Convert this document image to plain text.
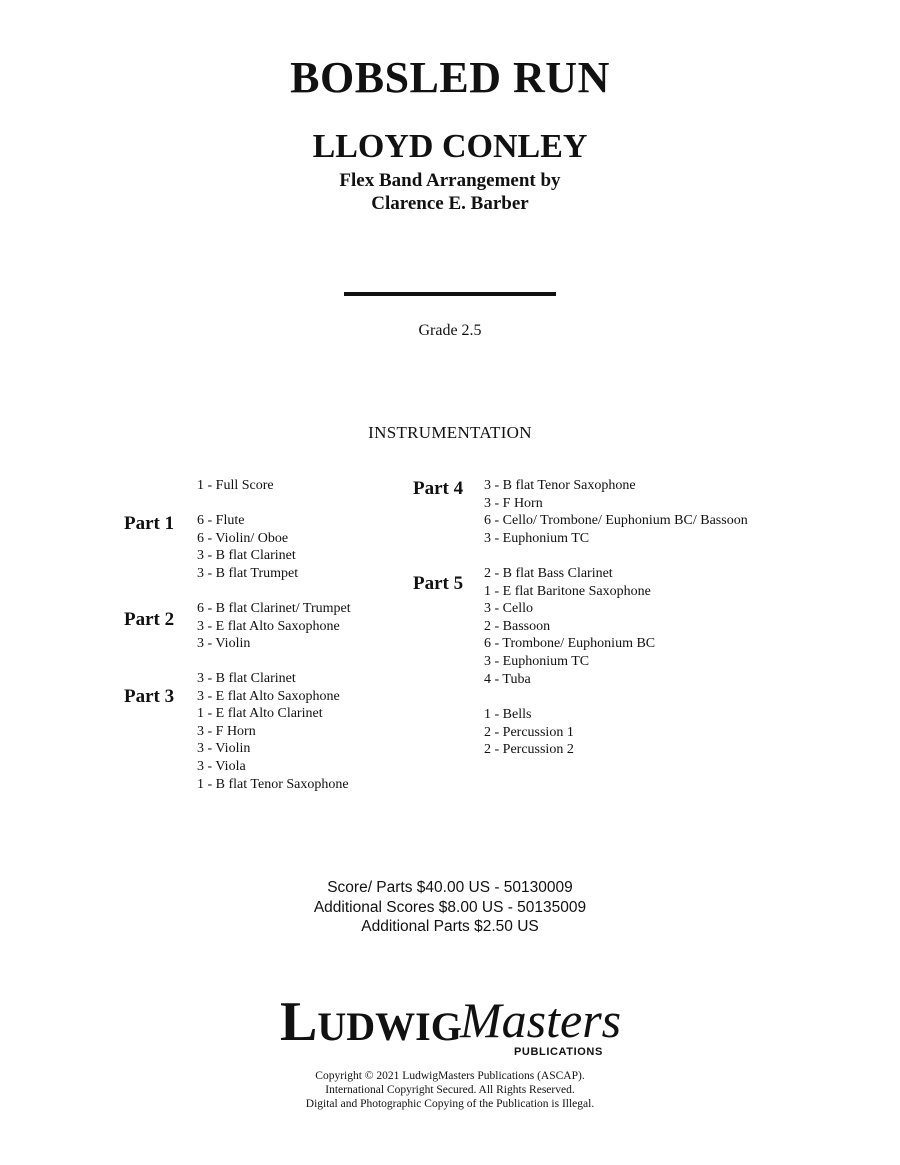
BOBSLED RUN
LLOYD CONLEY
Flex Band Arrangement by
Clarence E. Barber
Grade 2.5
INSTRUMENTATION
1 - Full Score
Part 1 6 - Flute
6 - Violin/ Oboe
3 - B flat Clarinet
3 - B flat Trumpet
Part 2
6 - B flat Clarinet/ Trumpet
3 - E flat Alto Saxophone
3 - Violin
Part 3
3 - B flat Clarinet
3 - E flat Alto Saxophone
1 - E flat Alto Clarinet
3 - F Horn
3 - Violin
3 - Viola
1 - B flat Tenor Saxophone
Part 4 3 - B flat Tenor Saxophone
3 - F Horn
6 - Cello/ Trombone/ Euphonium BC/ Bassoon
3 - Euphonium TC
Part 5 2 - B flat Bass Clarinet
1 - E flat Baritone Saxophone
3 - Cello
2 - Bassoon
6 - Trombone/ Euphonium BC
3 - Euphonium TC
4 - Tuba
1 - Bells
2 - Percussion 1
2 - Percussion 2
Score/ Parts $40.00 US - 50130009
Additional Scores $8.00 US - 50135009
Additional Parts $2.50 US
LUDWIG
Masters
PUBLICATIONS
Copyright © 2021 LudwigMasters Publications (ASCAP).
International Copyright Secured. All Rights Reserved.
Digital and Photographic Copying of the Publication is Illegal.
